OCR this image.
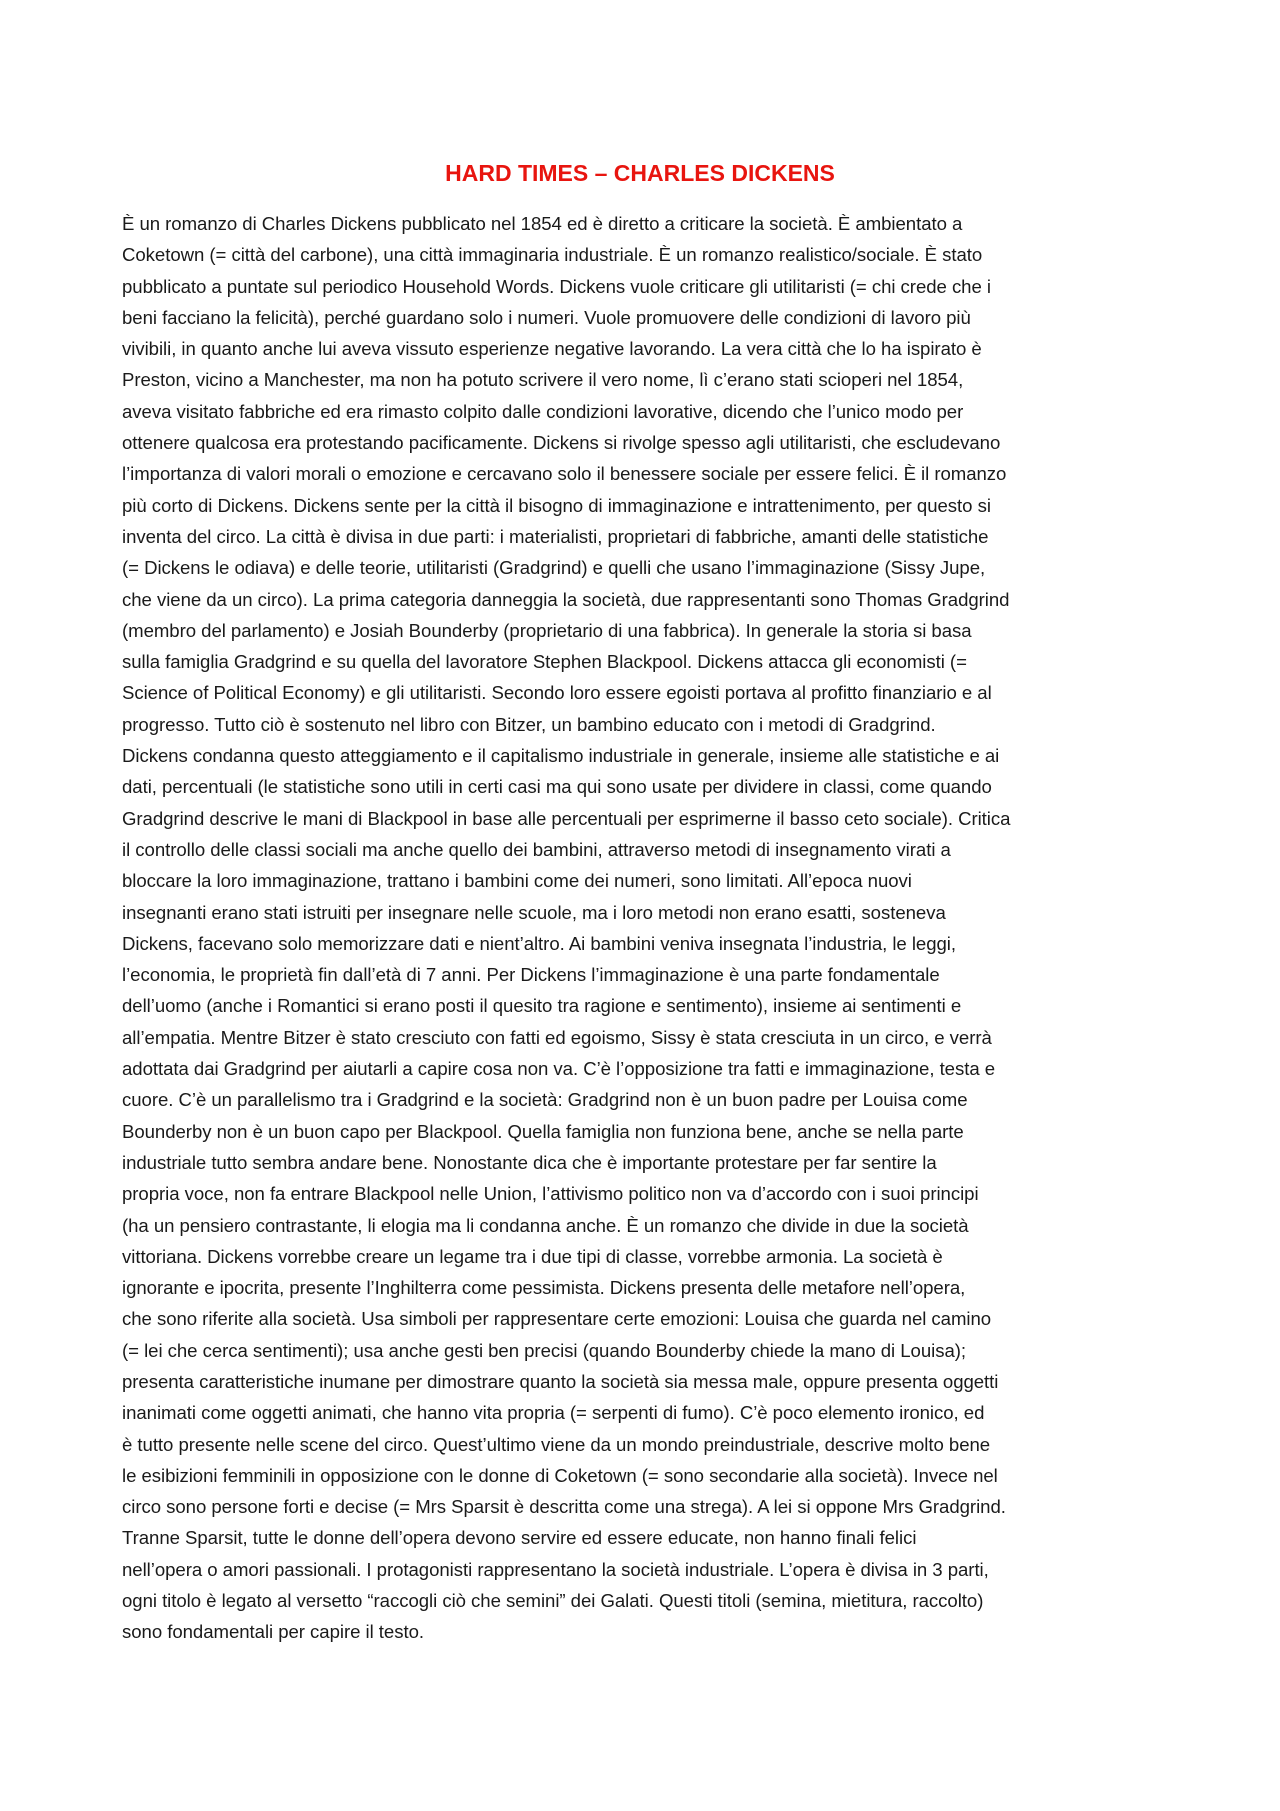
HARD TIMES – CHARLES DICKENS

È un romanzo di Charles Dickens pubblicato nel 1854 ed è diretto a criticare la società. È ambientato a
Coketown (= città del carbone), una città immaginaria industriale. È un romanzo realistico/sociale. È stato
pubblicato a puntate sul periodico Household Words. Dickens vuole criticare gli utilitaristi (= chi crede che i
beni facciano la felicità), perché guardano solo i numeri. Vuole promuovere delle condizioni di lavoro più
vivibili, in quanto anche lui aveva vissuto esperienze negative lavorando. La vera città che lo ha ispirato è
Preston, vicino a Manchester, ma non ha potuto scrivere il vero nome, lì c’erano stati scioperi nel 1854,
aveva visitato fabbriche ed era rimasto colpito dalle condizioni lavorative, dicendo che l’unico modo per
ottenere qualcosa era protestando pacificamente. Dickens si rivolge spesso agli utilitaristi, che escludevano
l’importanza di valori morali o emozione e cercavano solo il benessere sociale per essere felici. È il romanzo
più corto di Dickens. Dickens sente per la città il bisogno di immaginazione e intrattenimento, per questo si
inventa del circo. La città è divisa in due parti: i materialisti, proprietari di fabbriche, amanti delle statistiche
(= Dickens le odiava) e delle teorie, utilitaristi (Gradgrind) e quelli che usano l’immaginazione (Sissy Jupe,
che viene da un circo). La prima categoria danneggia la società, due rappresentanti sono Thomas Gradgrind
(membro del parlamento) e Josiah Bounderby (proprietario di una fabbrica). In generale la storia si basa
sulla famiglia Gradgrind e su quella del lavoratore Stephen Blackpool. Dickens attacca gli economisti (=
Science of Political Economy) e gli utilitaristi. Secondo loro essere egoisti portava al profitto finanziario e al
progresso. Tutto ciò è sostenuto nel libro con Bitzer, un bambino educato con i metodi di Gradgrind.
Dickens condanna questo atteggiamento e il capitalismo industriale in generale, insieme alle statistiche e ai
dati, percentuali (le statistiche sono utili in certi casi ma qui sono usate per dividere in classi, come quando
Gradgrind descrive le mani di Blackpool in base alle percentuali per esprimerne il basso ceto sociale). Critica
il controllo delle classi sociali ma anche quello dei bambini, attraverso metodi di insegnamento virati a
bloccare la loro immaginazione, trattano i bambini come dei numeri, sono limitati. All’epoca nuovi
insegnanti erano stati istruiti per insegnare nelle scuole, ma i loro metodi non erano esatti, sosteneva
Dickens, facevano solo memorizzare dati e nient’altro. Ai bambini veniva insegnata l’industria, le leggi,
l’economia, le proprietà fin dall’età di 7 anni. Per Dickens l’immaginazione è una parte fondamentale
dell’uomo (anche i Romantici si erano posti il quesito tra ragione e sentimento), insieme ai sentimenti e
all’empatia. Mentre Bitzer è stato cresciuto con fatti ed egoismo, Sissy è stata cresciuta in un circo, e verrà
adottata dai Gradgrind per aiutarli a capire cosa non va. C’è l’opposizione tra fatti e immaginazione, testa e
cuore. C’è un parallelismo tra i Gradgrind e la società: Gradgrind non è un buon padre per Louisa come
Bounderby non è un buon capo per Blackpool. Quella famiglia non funziona bene, anche se nella parte
industriale tutto sembra andare bene. Nonostante dica che è importante protestare per far sentire la
propria voce, non fa entrare Blackpool nelle Union, l’attivismo politico non va d’accordo con i suoi principi
(ha un pensiero contrastante, li elogia ma li condanna anche. È un romanzo che divide in due la società
vittoriana. Dickens vorrebbe creare un legame tra i due tipi di classe, vorrebbe armonia. La società è
ignorante e ipocrita, presente l’Inghilterra come pessimista. Dickens presenta delle metafore nell’opera,
che sono riferite alla società. Usa simboli per rappresentare certe emozioni: Louisa che guarda nel camino
(= lei che cerca sentimenti); usa anche gesti ben precisi (quando Bounderby chiede la mano di Louisa);
presenta caratteristiche inumane per dimostrare quanto la società sia messa male, oppure presenta oggetti
inanimati come oggetti animati, che hanno vita propria (= serpenti di fumo). C’è poco elemento ironico, ed
è tutto presente nelle scene del circo. Quest’ultimo viene da un mondo preindustriale, descrive molto bene
le esibizioni femminili in opposizione con le donne di Coketown (= sono secondarie alla società). Invece nel
circo sono persone forti e decise (= Mrs Sparsit è descritta come una strega). A lei si oppone Mrs Gradgrind.
Tranne Sparsit, tutte le donne dell’opera devono servire ed essere educate, non hanno finali felici
nell’opera o amori passionali. I protagonisti rappresentano la società industriale. L’opera è divisa in 3 parti,
ogni titolo è legato al versetto “raccogli ciò che semini” dei Galati. Questi titoli (semina, mietitura, raccolto)
sono fondamentali per capire il testo.
